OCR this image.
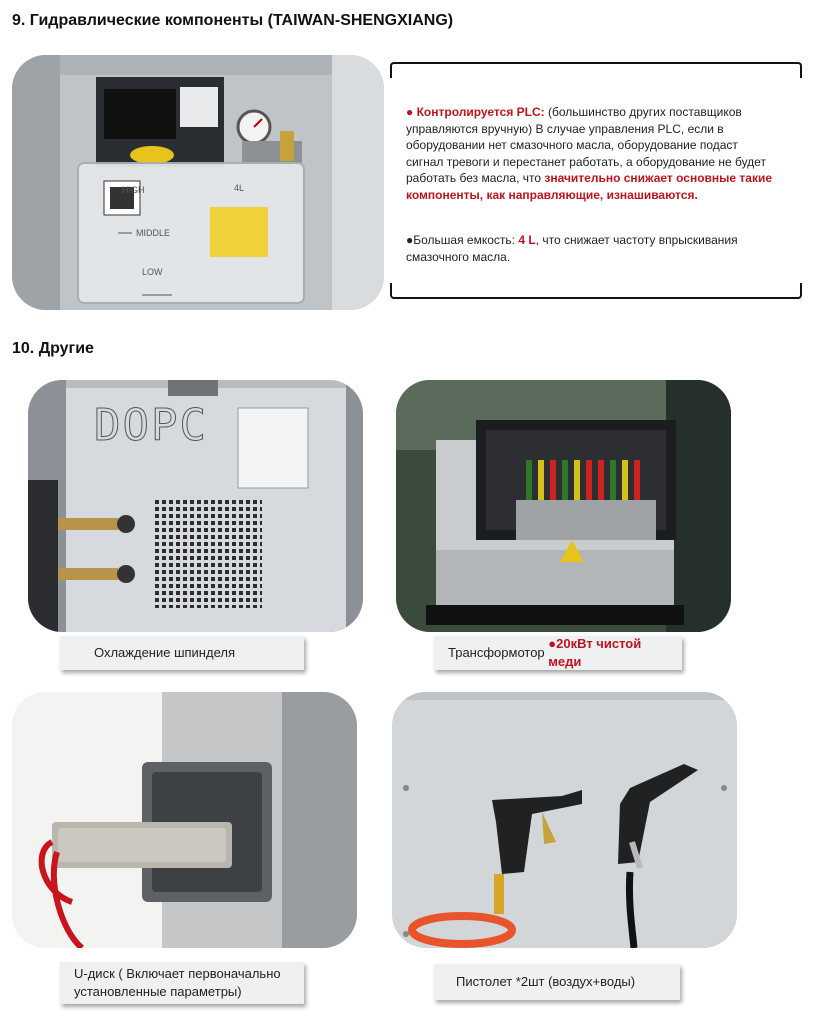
9. Гидравлические компоненты (TAIWAN-SHENGXIANG)
HIGH	4L
MIDDLE
LOW
● Контролируется PLC: (большинство других поставщиков управляются вручную) В случае управления PLC, если в оборудовании нет смазочного масла, оборудование подаст сигнал тревоги и перестанет работать, а оборудование не будет работать без масла, что значительно снижает основные такие компоненты, как направляющие, изнашиваются.
●Большая емкость: 4 L, что снижает частоту впрыскивания смазочного масла.
10. Другие
DOPC
Охлаждение шпинделя	Трансформотор
●20кВт чистой меди
U-диск ( Включает первоначально установленные параметры)
Пистолет *2шт (воздух+воды)
